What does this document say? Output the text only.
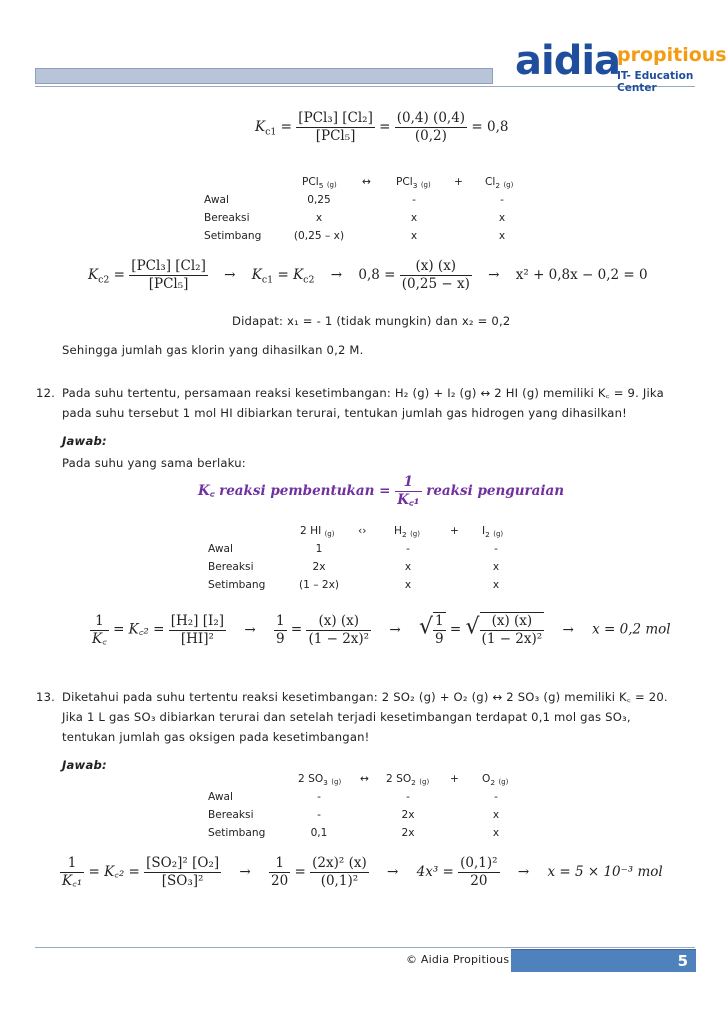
aidia
propitious
IT- Education Center
$K_{c1} = \frac{\text{[PCl₃] [Cl₂]}}{\text{[PCl₅]}} = \frac{(0,4) (0,4)}{(0,2)} = 0,8$
PCl$_5$ (g) ↔ PCl$_3$ $(g) + Cl_2$ (g)
Awal	0,25	-	-
Bereaksi	x	x	x
Setimbang	(0,25 – x)	x	x
$K_{c2} = \frac{\text{[PCl₃] [Cl₂]}}{\text{[PCl₅]}} \to K_{c1} = K_{c2} \to 0,8 = \frac{(x) (x)}{(0,25 - x)} \to x^2 + 0,8x - 0,2 = 0$
Didapat: x₁ = - 1 (tidak mungkin) dan x₂ = 0,2
Sehingga jumlah gas klorin yang dihasilkan 0,2 M.
12. Pada suhu tertentu, persamaan reaksi kesetimbangan: H₂ (g) + I₂ (g) ↔ 2 HI (g) memiliki K꜀ = 9. Jika
pada suhu tersebut 1 mol HI dibiarkan terurai, tentukan jumlah gas hidrogen yang dihasilkan!
Jawab:
Pada suhu yang sama berlaku:
K꜀ reaksi pembentukan = $\frac{1}{\text{K꜀₁}}$ reaksi penguraian
2 HI (g) ‹›	$H_2$ (g)	+ $I_2$ (g)
Awal	1	-	-
Bereaksi	2x	x	x
Setimbang	(1 – 2x)	x	x
$\frac{1}{K꜀}$ = K꜀₂ = $\frac{\text{[H₂] [I₂]}}{\text{[HI]²}} \to \frac{1}{9} = \frac{(x) (x)}{\text{(1 − 2x)²}}$ → √ $\frac{1}{9}$ = √ $\frac{(x) (x)}{\text{(1 − 2x)²}} \to x = 0,2$ mol
13. Diketahui pada suhu tertentu reaksi kesetimbangan: 2 SO₂ (g) + O₂ (g) ↔ 2 SO₃ (g) memiliki K꜀ = 20.
Jika 1 L gas SO₃ dibiarkan terurai dan setelah terjadi kesetimbangan terdapat 0,1 mol gas SO₃,
tentukan jumlah gas oksigen pada kesetimbangan!
Jawab:
2 $SO_3$ (g) ↔ 2 $SO_2$ $(g) + O_2$ (g)
Awal	-	-	-
Bereaksi	-	2x	x
Setimbang	0,1	2x	x
$\frac{1}{\text{K꜀₁}}$ = K꜀₂ = $\frac{\text{[SO₂]² [O₂]}}{\text{[SO₃]²}} \to \frac{1}{20} = \frac{\text{(2x)² (x)}}{\text{(0,1)²}} \to 4x^3 = \frac{\text{(0,1)²}}{20} \to x = 5 \times 10^{-3}$ mol
© Aidia Propitious	5
